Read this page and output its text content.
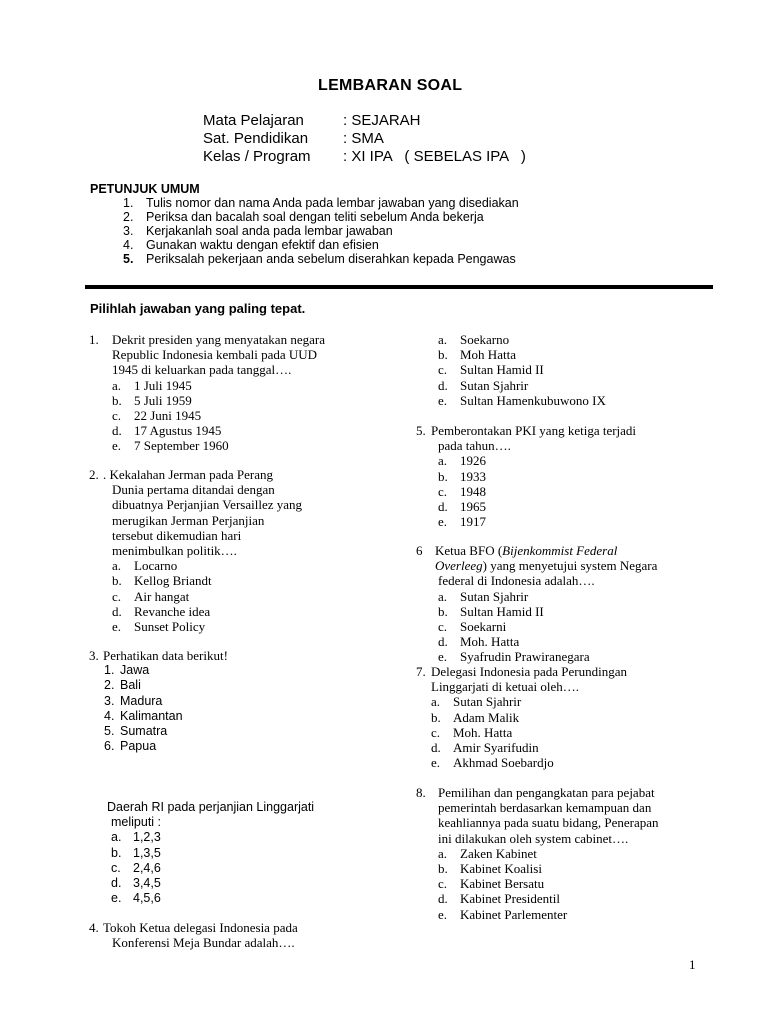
LEMBARAN SOAL
Mata Pelajaran	: SEJARAH
Sat. Pendidikan : SMA
Kelas / Program : XI IPA   ( SEBELAS IPA   )
PETUNJUK UMUM
1. Tulis nomor dan nama Anda pada lembar jawaban yang disediakan
2. Periksa dan bacalah soal dengan teliti sebelum Anda bekerja
3. Kerjakanlah soal anda pada lembar jawaban
4. Gunakan waktu dengan efektif dan efisien
5. Periksalah pekerjaan anda sebelum diserahkan kepada Pengawas
Pilihlah jawaban yang paling tepat.
1. Dekrit presiden yang menyatakan negara
Republic Indonesia kembali pada UUD
1945 di keluarkan pada tanggal….
a. 1 Juli 1945
b. 5 Juli 1959
c. 22 Juni 1945
d. 17 Agustus 1945
e. 7 September 1960
2. . Kekalahan Jerman pada Perang
Dunia pertama ditandai dengan
dibuatnya Perjanjian Versaillez yang
merugikan Jerman Perjanjian
tersebut dikemudian hari
menimbulkan politik….
a. Locarno
b. Kellog Briandt
c. Air hangat
d. Revanche idea
e. Sunset Policy
3. Perhatikan data berikut!
1. Jawa
2. Bali
3. Madura
4. Kalimantan
5. Sumatra
6. Papua
Daerah RI pada perjanjian Linggarjati
meliputi :
a. 1,2,3
b. 1,3,5
c. 2,4,6
d. 3,4,5
e. 4,5,6
4. Tokoh Ketua delegasi Indonesia pada
Konferensi Meja Bundar adalah….
a. Soekarno
b. Moh Hatta
c. Sultan Hamid II
d. Sutan Sjahrir
e. Sultan Hamenkubuwono IX
5. Pemberontakan PKI yang ketiga terjadi
pada tahun….
a. 1926
b. 1933
c. 1948
d. 1965
e. 1917
6 Ketua BFO (Bijenkommist Federal
Overleeg) yang menyetujui system Negara
federal di Indonesia adalah….
a. Sutan Sjahrir
b. Sultan Hamid II
c. Soekarni
d. Moh. Hatta
e. Syafrudin Prawiranegara
7. Delegasi Indonesia pada Perundingan
Linggarjati di ketuai oleh….
a. Sutan Sjahrir
b. Adam Malik
c. Moh. Hatta
d. Amir Syarifudin
e. Akhmad Soebardjo
8. Pemilihan dan pengangkatan para pejabat
pemerintah berdasarkan kemampuan dan
keahliannya pada suatu bidang, Penerapan
ini dilakukan oleh system cabinet….
a. Zaken Kabinet
b. Kabinet Koalisi
c. Kabinet Bersatu
d. Kabinet Presidentil
e. Kabinet Parlementer
1
